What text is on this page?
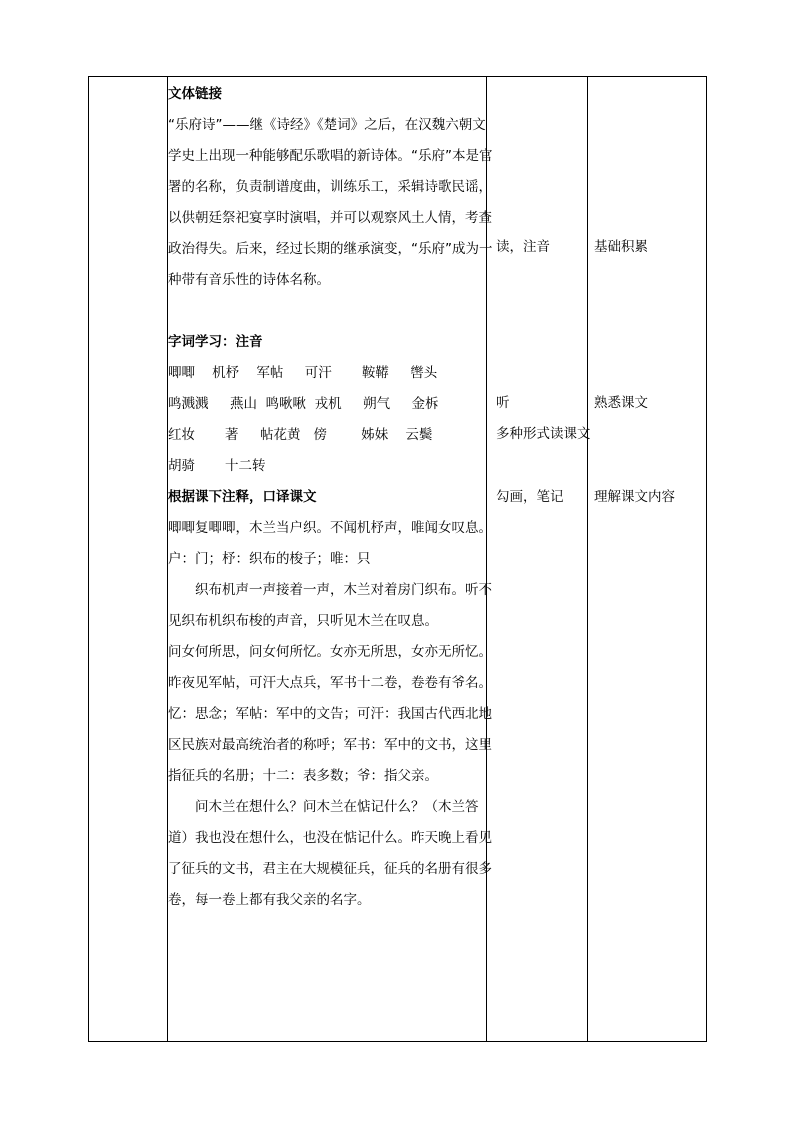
文体链接

“乐府诗”——继《诗经》《楚词》之后，在汉魏六朝文学史上出现一种能够配乐歌唱的新诗体。“乐府”本是官署的名称，负责制谱度曲，训练乐工，采辑诗歌民谣，以供朝廷祭祀宴享时演唱，并可以观察风土人情，考查政治得失。后来，经过长期的继承演变，“乐府”成为一种带有音乐性的诗体名称。

字词学习：注音

唧唧    机杼    军帖     可汗       鞍鞯     辔头

鸣溅溅     燕山  鸣啾啾  戎机     朔气     金柝

红妆       著     帖花黄   傍        姊妹    云鬓

胡骑       十二转

根据课下注释，口译课文

唧唧复唧唧，木兰当户织。不闻机杼声，唯闻女叹息。

户：门；杼：织布的梭子；唯：只

织布机声一声接着一声，木兰对着房门织布。听不见织布机织布梭的声音，只听见木兰在叹息。

问女何所思，问女何所忆。女亦无所思，女亦无所忆。昨夜见军帖，可汗大点兵，军书十二卷，卷卷有爷名。

忆：思念；军帖：军中的文告；可汗：我国古代西北地区民族对最高统治者的称呼；军书：军中的文书，这里指征兵的名册；十二：表多数；爷：指父亲。

问木兰在想什么？问木兰在惦记什么？（木兰答道）我也没在想什么，也没在惦记什么。昨天晚上看见了征兵的文书，君主在大规模征兵，征兵的名册有很多卷，每一卷上都有我父亲的名字。

读，注音
听
多种形式读课文
勾画，笔记
基础积累
熟悉课文
理解课文内容
